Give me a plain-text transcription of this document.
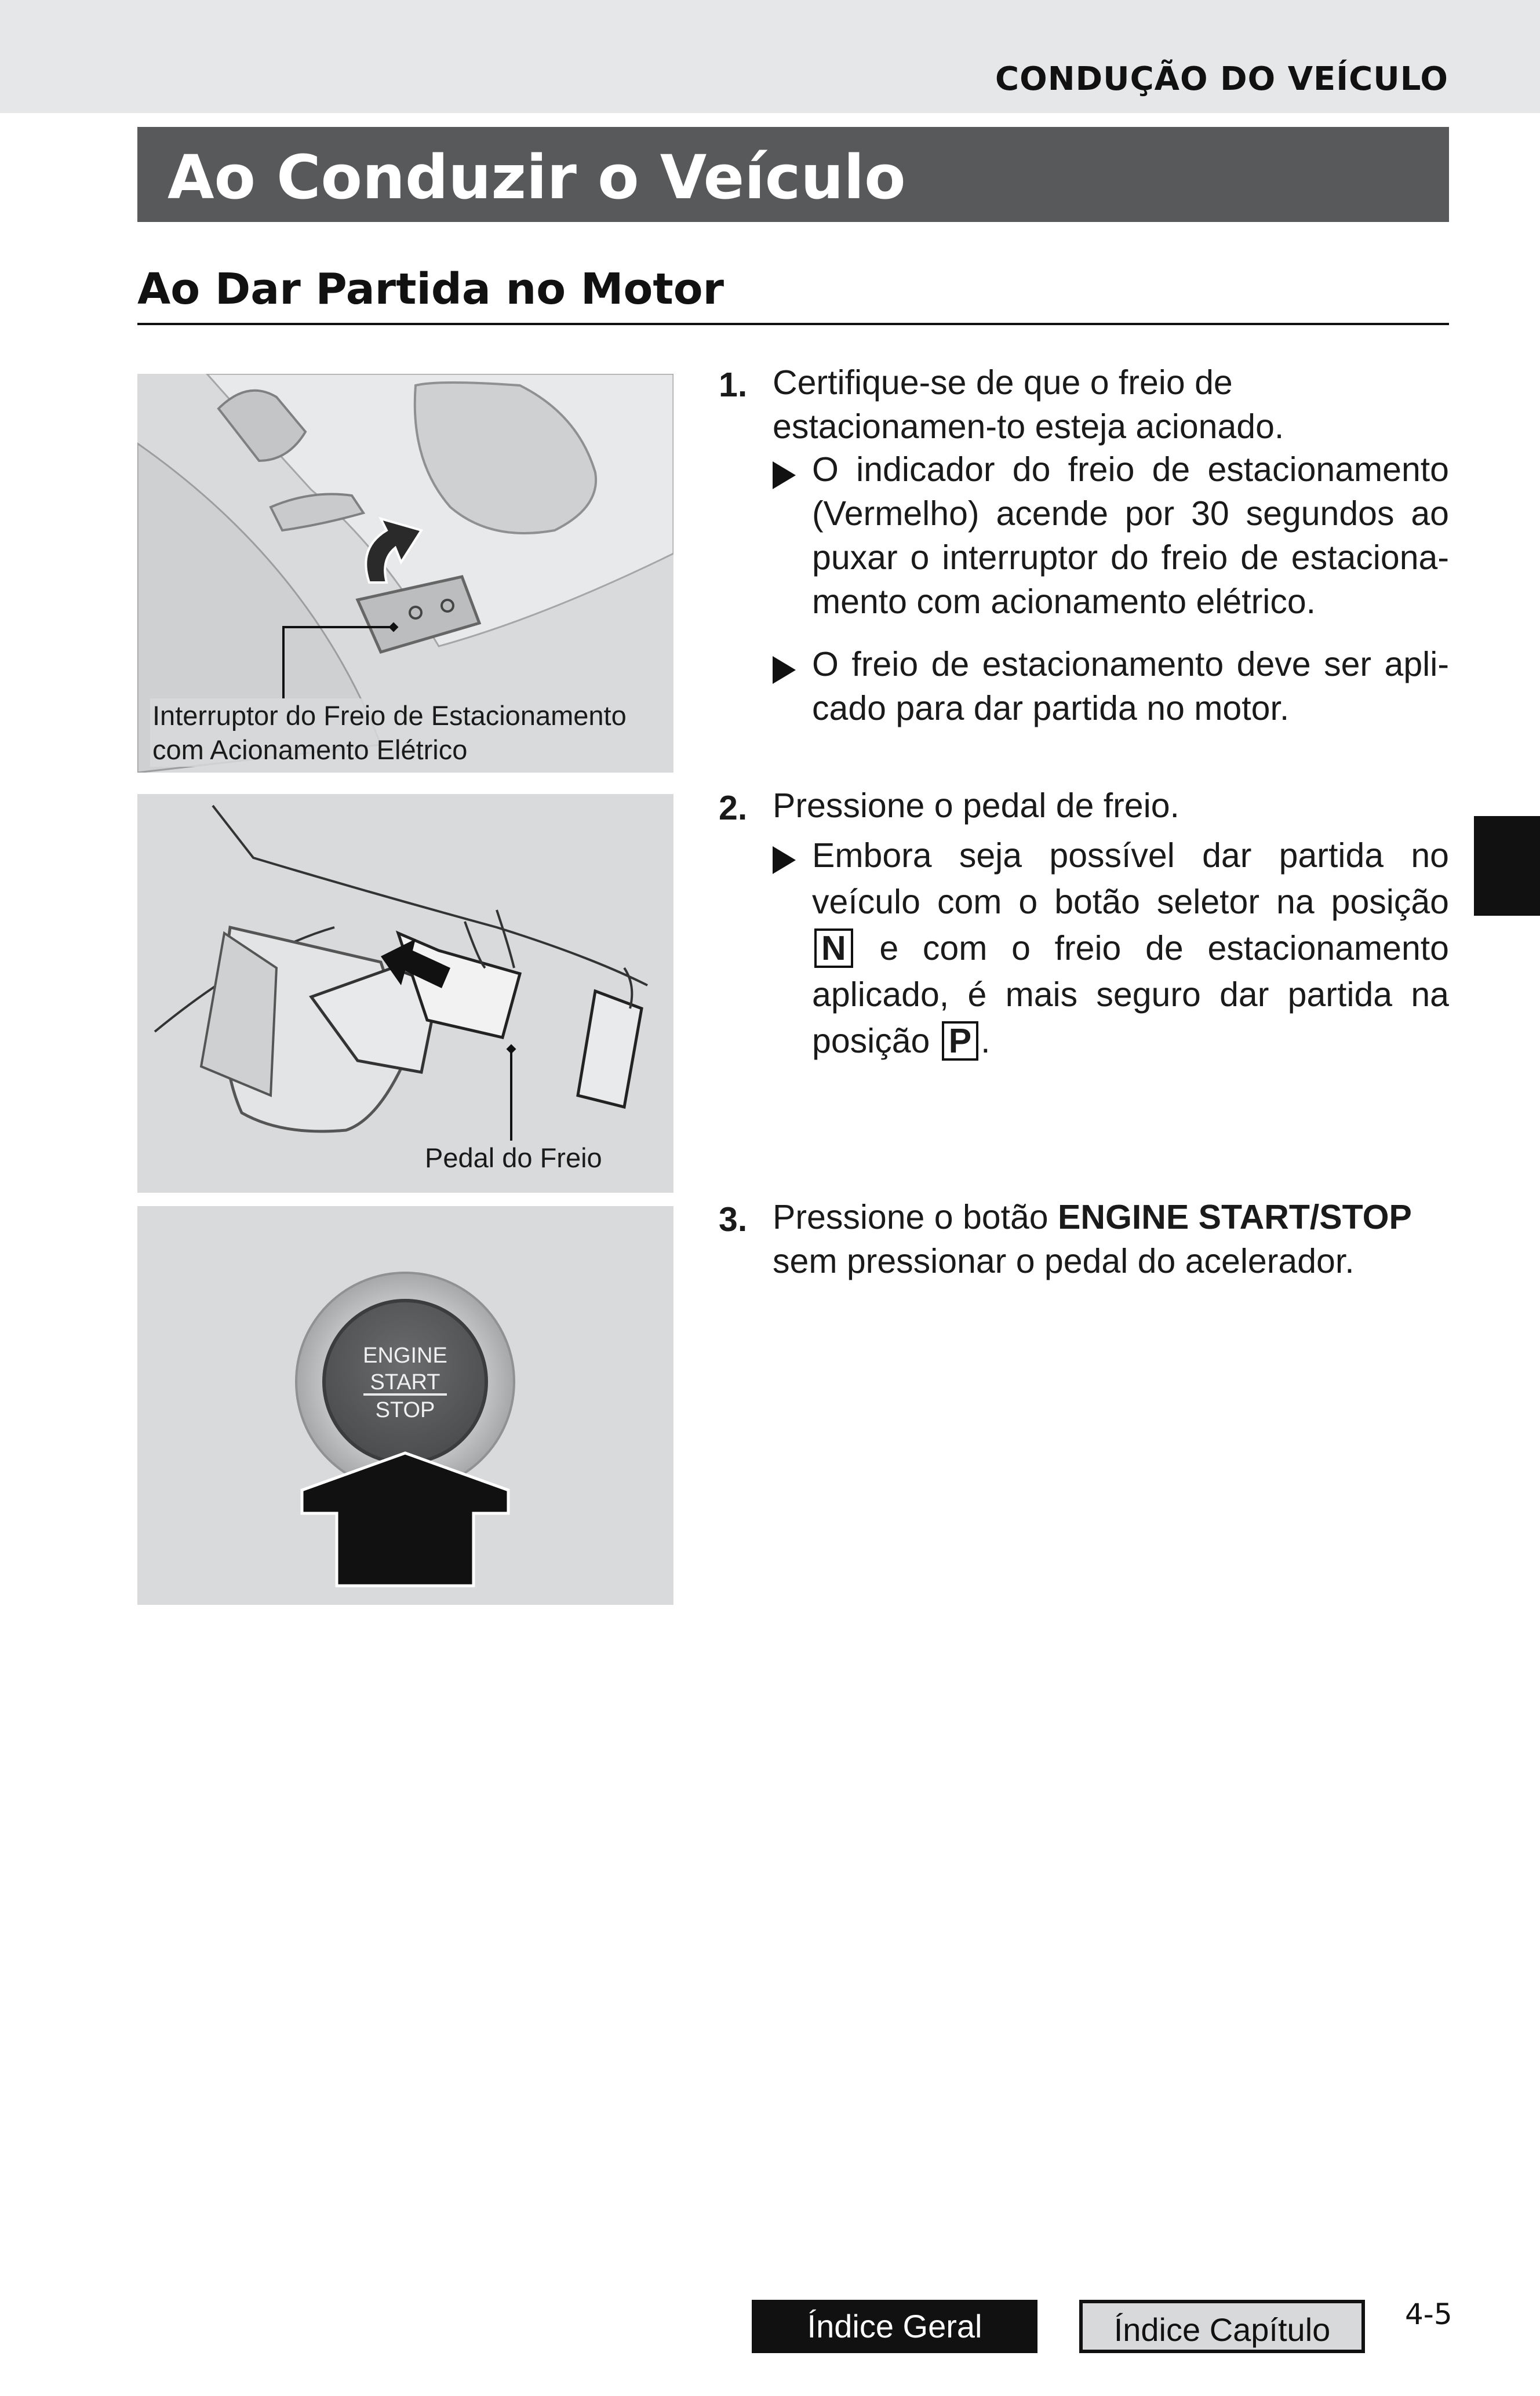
CONDUÇÃO DO VEÍCULO
Ao Conduzir o Veículo
Ao Dar Partida no Motor
Interruptor do Freio de Estacionamento
com Acionamento Elétrico
Pedal do Freio
ENGINE
START
STOP
1. Certifique-se de que o freio de estacionamen-to esteja acionado.
O indicador do freio de estacionamento (Vermelho) acende por 30 segundos ao puxar o interruptor do freio de estaciona-mento com acionamento elétrico.
O freio de estacionamento deve ser apli-cado para dar partida no motor.
2. Pressione o pedal de freio.
Embora seja possível dar partida no veículo com o botão seletor na posição N e com o freio de estacionamento aplicado, é mais seguro dar partida na posição P .
3. Pressione o botão ENGINE START/STOP sem pressionar o pedal do acelerador.
Índice Geral	Índice Capítulo	4-5
